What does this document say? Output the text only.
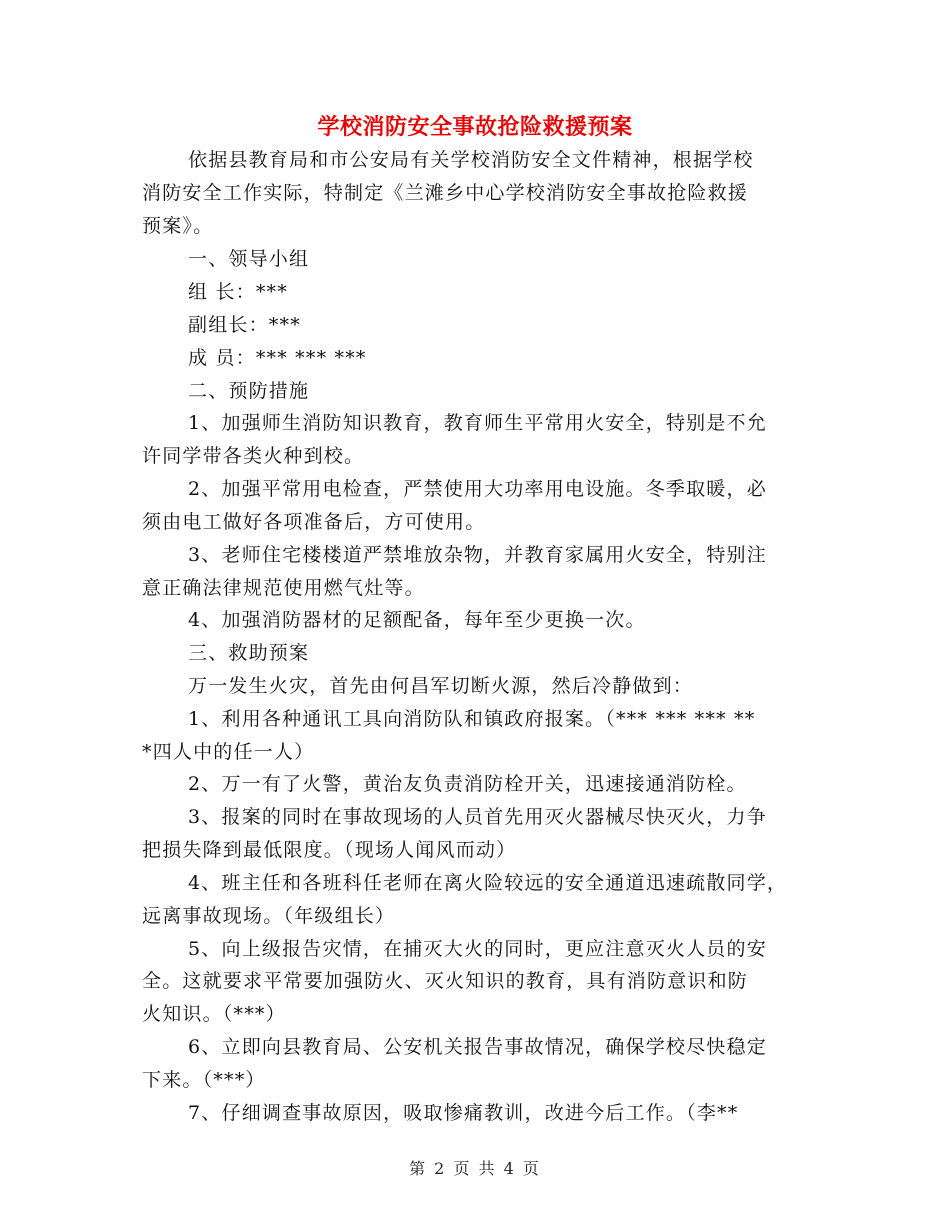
学校消防安全事故抢险救援预案
依据县教育局和市公安局有关学校消防安全文件精神，根据学校
消防安全工作实际，特制定《兰滩乡中心学校消防安全事故抢险救援
预案》。
一、领导小组
组 长：***
副组长：***
成 员：*** *** ***
二、预防措施
1、加强师生消防知识教育，教育师生平常用火安全，特别是不允
许同学带各类火种到校。
2、加强平常用电检查，严禁使用大功率用电设施。冬季取暖，必
须由电工做好各项准备后，方可使用。
3、老师住宅楼楼道严禁堆放杂物，并教育家属用火安全，特别注
意正确法律规范使用燃气灶等。
4、加强消防器材的足额配备，每年至少更换一次。
三、救助预案
万一发生火灾，首先由何昌军切断火源，然后冷静做到：
1、利用各种通讯工具向消防队和镇政府报案。（*** *** *** **
*四人中的任一人）
2、万一有了火警，黄治友负责消防栓开关，迅速接通消防栓。
3、报案的同时在事故现场的人员首先用灭火器械尽快灭火，力争
把损失降到最低限度。（现场人闻风而动）
4、班主任和各班科任老师在离火险较远的安全通道迅速疏散同学，
远离事故现场。（年级组长）
5、向上级报告灾情，在捕灭大火的同时，更应注意灭火人员的安
全。这就要求平常要加强防火、灭火知识的教育，具有消防意识和防
火知识。（***）
6、立即向县教育局、公安机关报告事故情况，确保学校尽快稳定
下来。（***）
7、仔细调查事故原因，吸取惨痛教训，改进今后工作。（李**
第 2 页 共 4 页
